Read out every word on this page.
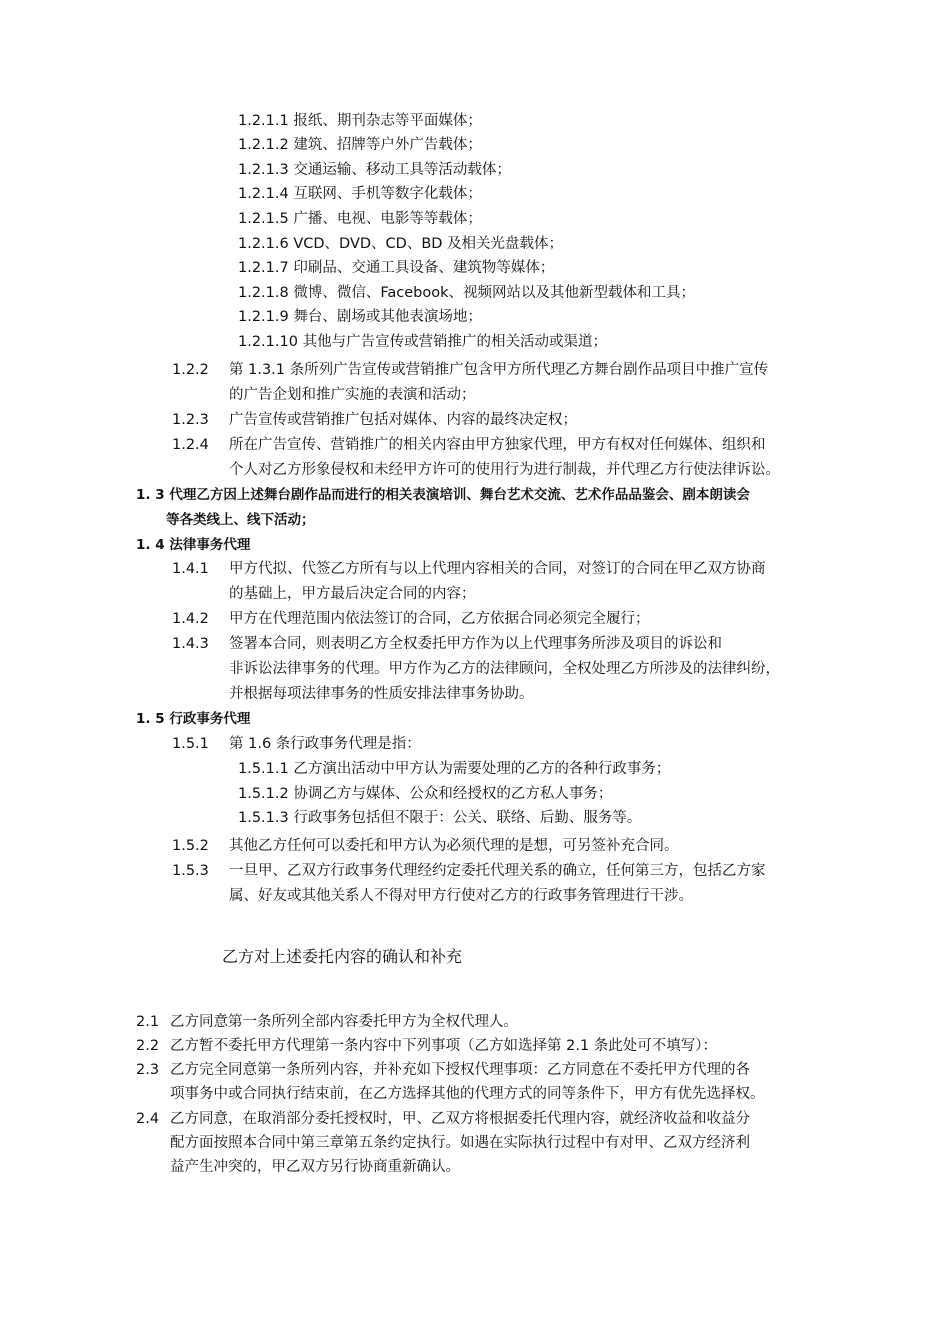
1.2.1.1 报纸、期刊杂志等平面媒体；
1.2.1.2 建筑、招牌等户外广告载体；
1.2.1.3 交通运输、移动工具等活动载体；
1.2.1.4 互联网、手机等数字化载体；
1.2.1.5 广播、电视、电影等等载体；
1.2.1.6 VCD、DVD、CD、BD 及相关光盘载体；
1.2.1.7 印刷品、交通工具设备、建筑物等媒体；
1.2.1.8 微博、微信、Facebook、视频网站以及其他新型载体和工具；
1.2.1.9 舞台、剧场或其他表演场地；
1.2.1.10 其他与广告宣传或营销推广的相关活动或渠道；
1.2.2 第 1.3.1 条所列广告宣传或营销推广包含甲方所代理乙方舞台剧作品项目中推广宣传
的广告企划和推广实施的表演和活动；
1.2.3 广告宣传或营销推广包括对媒体、内容的最终决定权；
1.2.4 所在广告宣传、营销推广的相关内容由甲方独家代理，甲方有权对任何媒体、组织和
个人对乙方形象侵权和未经甲方许可的使用行为进行制裁，并代理乙方行使法律诉讼。
1. 3 代理乙方因上述舞台剧作品而进行的相关表演培训、舞台艺术交流、艺术作品品鉴会、剧本朗读会
等各类线上、线下活动；
1. 4 法律事务代理
1.4.1 甲方代拟、代签乙方所有与以上代理内容相关的合同，对签订的合同在甲乙双方协商
的基础上，甲方最后决定合同的内容；
1.4.2 甲方在代理范围内依法签订的合同，乙方依据合同必须完全履行；
1.4.3 签署本合同，则表明乙方全权委托甲方作为以上代理事务所涉及项目的诉讼和
非诉讼法律事务的代理。甲方作为乙方的法律顾问，全权处理乙方所涉及的法律纠纷，
并根据每项法律事务的性质安排法律事务协助。
1. 5 行政事务代理
1.5.1 第 1.6 条行政事务代理是指：
1.5.1.1 乙方演出活动中甲方认为需要处理的乙方的各种行政事务；
1.5.1.2 协调乙方与媒体、公众和经授权的乙方私人事务；
1.5.1.3 行政事务包括但不限于：公关、联络、后勤、服务等。
1.5.2 其他乙方任何可以委托和甲方认为必须代理的是想，可另签补充合同。
1.5.3 一旦甲、乙双方行政事务代理经约定委托代理关系的确立，任何第三方，包括乙方家
属、好友或其他关系人不得对甲方行使对乙方的行政事务管理进行干涉。
乙方对上述委托内容的确认和补充
2.1 乙方同意第一条所列全部内容委托甲方为全权代理人。
2.2 乙方暂不委托甲方代理第一条内容中下列事项（乙方如选择第 2.1 条此处可不填写）：
2.3 乙方完全同意第一条所列内容，并补充如下授权代理事项：乙方同意在不委托甲方代理的各
项事务中或合同执行结束前，在乙方选择其他的代理方式的同等条件下，甲方有优先选择权。
2.4 乙方同意，在取消部分委托授权时，甲、乙双方将根据委托代理内容，就经济收益和收益分
配方面按照本合同中第三章第五条约定执行。如遇在实际执行过程中有对甲、乙双方经济利
益产生冲突的，甲乙双方另行协商重新确认。
